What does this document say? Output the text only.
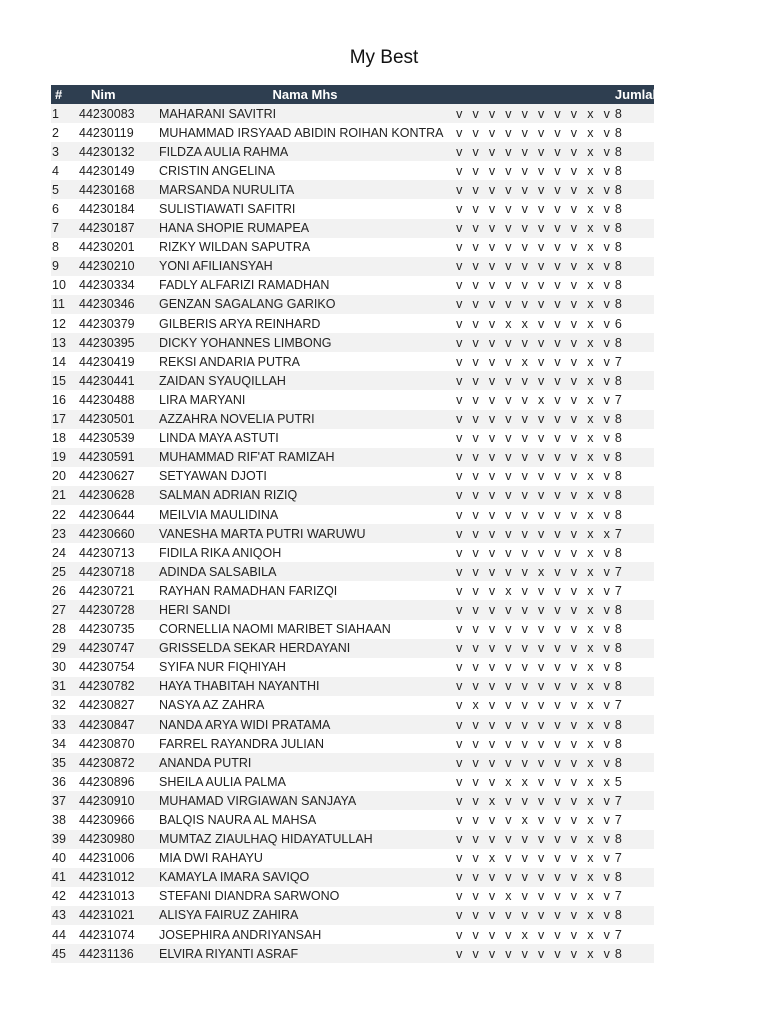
My Best
#	Nim	Nama Mhs											Jumlah
1	44230083	MAHARANI SAVITRI	v	v	v	v	v	v	v	v	x	v	8
2	44230119	MUHAMMAD IRSYAAD ABIDIN ROIHAN KONTRA	v	v	v	v	v	v	v	v	x	v	8
3	44230132	FILDZA AULIA RAHMA	v	v	v	v	v	v	v	v	x	v	8
4	44230149	CRISTIN ANGELINA	v	v	v	v	v	v	v	v	x	v	8
5	44230168	MARSANDA NURULITA	v	v	v	v	v	v	v	v	x	v	8
6	44230184	SULISTIAWATI SAFITRI	v	v	v	v	v	v	v	v	x	v	8
7	44230187	HANA SHOPIE RUMAPEA	v	v	v	v	v	v	v	v	x	v	8
8	44230201	RIZKY WILDAN SAPUTRA	v	v	v	v	v	v	v	v	x	v	8
9	44230210	YONI AFILIANSYAH	v	v	v	v	v	v	v	v	x	v	8
10	44230334	FADLY ALFARIZI RAMADHAN	v	v	v	v	v	v	v	v	x	v	8
11	44230346	GENZAN SAGALANG GARIKO	v	v	v	v	v	v	v	v	x	v	8
12	44230379	GILBERIS ARYA REINHARD	v	v	v	x	x	v	v	v	x	v	6
13	44230395	DICKY YOHANNES LIMBONG	v	v	v	v	v	v	v	v	x	v	8
14	44230419	REKSI ANDARIA PUTRA	v	v	v	v	x	v	v	v	x	v	7
15	44230441	ZAIDAN SYAUQILLAH	v	v	v	v	v	v	v	v	x	v	8
16	44230488	LIRA MARYANI	v	v	v	v	v	x	v	v	x	v	7
17	44230501	AZZAHRA NOVELIA PUTRI	v	v	v	v	v	v	v	v	x	v	8
18	44230539	LINDA MAYA ASTUTI	v	v	v	v	v	v	v	v	x	v	8
19	44230591	MUHAMMAD RIF'AT RAMIZAH	v	v	v	v	v	v	v	v	x	v	8
20	44230627	SETYAWAN DJOTI	v	v	v	v	v	v	v	v	x	v	8
21	44230628	SALMAN ADRIAN RIZIQ	v	v	v	v	v	v	v	v	x	v	8
22	44230644	MEILVIA MAULIDINA	v	v	v	v	v	v	v	v	x	v	8
23	44230660	VANESHA MARTA PUTRI WARUWU	v	v	v	v	v	v	v	v	x	x	7
24	44230713	FIDILA RIKA ANIQOH	v	v	v	v	v	v	v	v	x	v	8
25	44230718	ADINDA SALSABILA	v	v	v	v	v	x	v	v	x	v	7
26	44230721	RAYHAN RAMADHAN FARIZQI	v	v	v	x	v	v	v	v	x	v	7
27	44230728	HERI SANDI	v	v	v	v	v	v	v	v	x	v	8
28	44230735	CORNELLIA NAOMI MARIBET SIAHAAN	v	v	v	v	v	v	v	v	x	v	8
29	44230747	GRISSELDA SEKAR HERDAYANI	v	v	v	v	v	v	v	v	x	v	8
30	44230754	SYIFA NUR FIQHIYAH	v	v	v	v	v	v	v	v	x	v	8
31	44230782	HAYA THABITAH NAYANTHI	v	v	v	v	v	v	v	v	x	v	8
32	44230827	NASYA AZ ZAHRA	v	x	v	v	v	v	v	v	x	v	7
33	44230847	NANDA ARYA WIDI PRATAMA	v	v	v	v	v	v	v	v	x	v	8
34	44230870	FARREL RAYANDRA JULIAN	v	v	v	v	v	v	v	v	x	v	8
35	44230872	ANANDA PUTRI	v	v	v	v	v	v	v	v	x	v	8
36	44230896	SHEILA AULIA PALMA	v	v	v	x	x	v	v	v	x	x	5
37	44230910	MUHAMAD VIRGIAWAN SANJAYA	v	v	x	v	v	v	v	v	x	v	7
38	44230966	BALQIS NAURA AL MAHSA	v	v	v	v	x	v	v	v	x	v	7
39	44230980	MUMTAZ ZIAULHAQ HIDAYATULLAH	v	v	v	v	v	v	v	v	x	v	8
40	44231006	MIA DWI RAHAYU	v	v	x	v	v	v	v	v	x	v	7
41	44231012	KAMAYLA IMARA SAVIQO	v	v	v	v	v	v	v	v	x	v	8
42	44231013	STEFANI DIANDRA SARWONO	v	v	v	x	v	v	v	v	x	v	7
43	44231021	ALISYA FAIRUZ ZAHIRA	v	v	v	v	v	v	v	v	x	v	8
44	44231074	JOSEPHIRA ANDRIYANSAH	v	v	v	v	x	v	v	v	x	v	7
45	44231136	ELVIRA RIYANTI ASRAF	v	v	v	v	v	v	v	v	x	v	8
